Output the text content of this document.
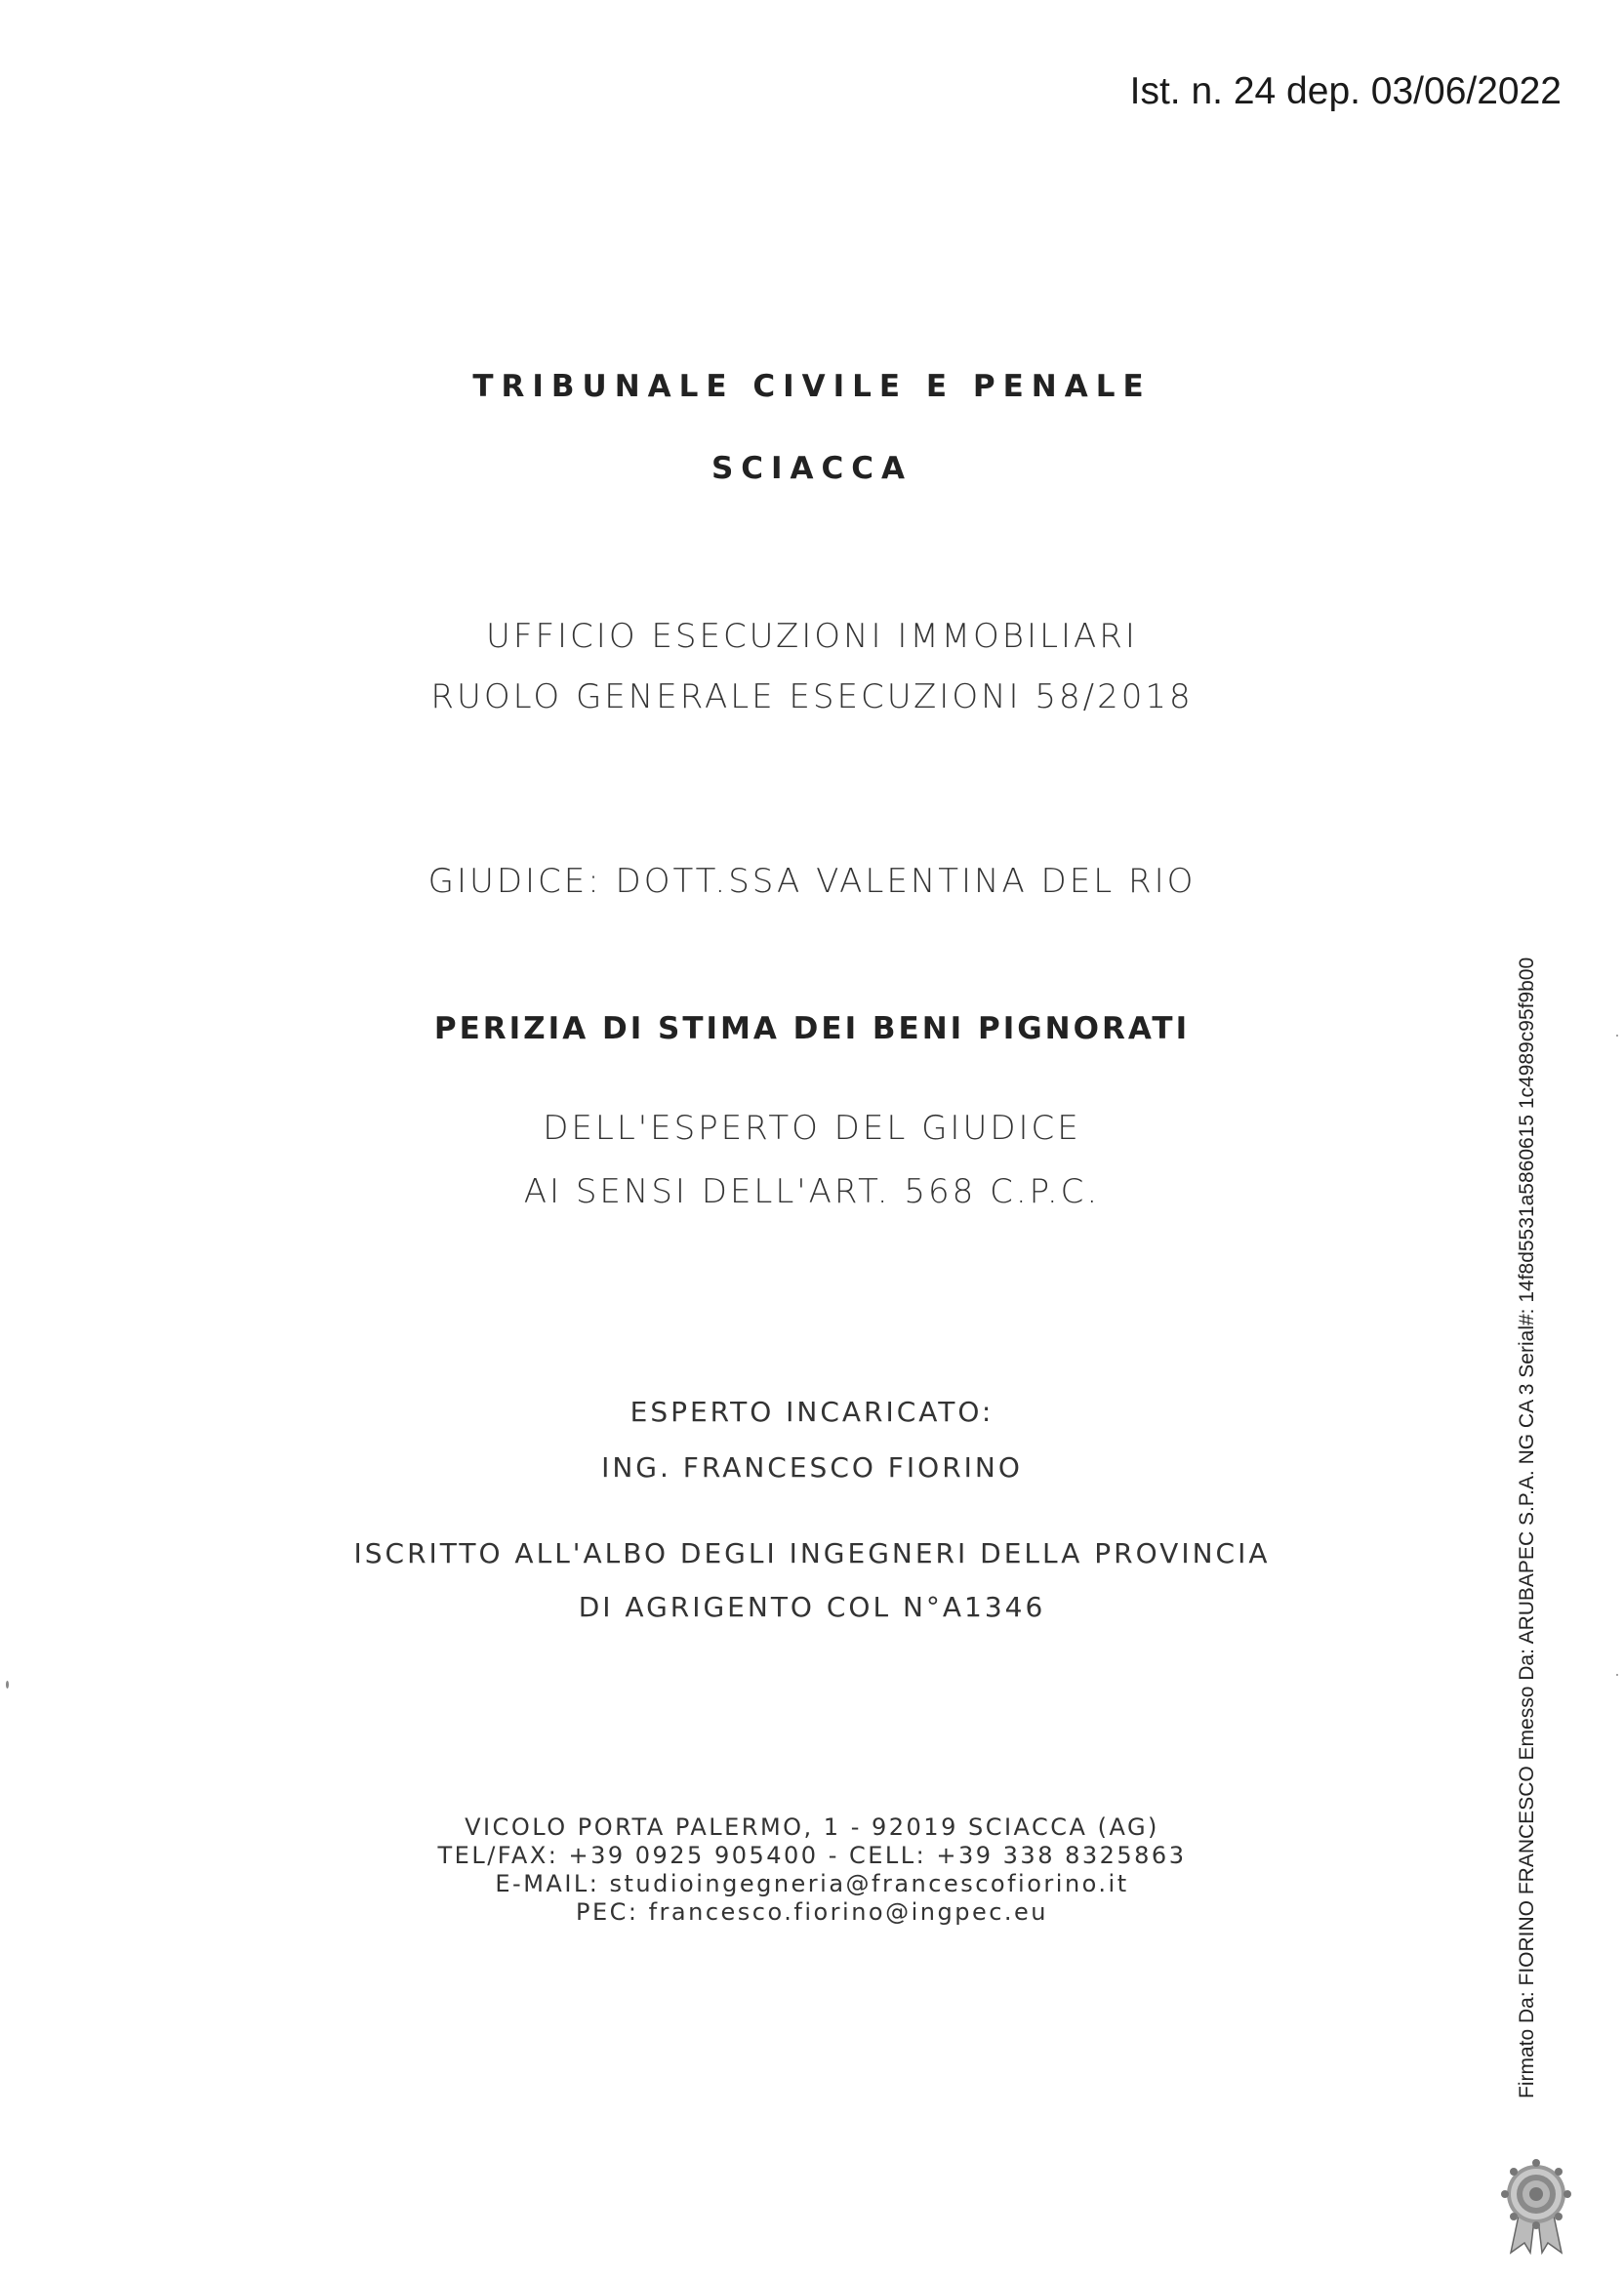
Ist. n. 24 dep. 03/06/2022
TRIBUNALE CIVILE E PENALE
SCIACCA
UFFICIO ESECUZIONI IMMOBILIARI
RUOLO GENERALE ESECUZIONI 58/2018
GIUDICE: DOTT.SSA VALENTINA DEL RIO
PERIZIA DI STIMA DEI BENI PIGNORATI
DELL'ESPERTO DEL GIUDICE
AI SENSI DELL'ART. 568 C.P.C.
ESPERTO INCARICATO:
ING. FRANCESCO FIORINO
ISCRITTO ALL'ALBO DEGLI INGEGNERI DELLA PROVINCIA
DI AGRIGENTO COL N°A1346
VICOLO PORTA PALERMO, 1 - 92019 SCIACCA (AG)
TEL/FAX: +39 0925 905400 - CELL: +39 338 8325863
E-MAIL: studioingegneria@francescofiorino.it
PEC: francesco.fiorino@ingpec.eu	Firmato Da: FIORINO FRANCESCO Emesso Da: ARUBAPEC S.P.A. NG CA 3 Serial#: 14f8d5531a5860615 1c4989c95f9b00
